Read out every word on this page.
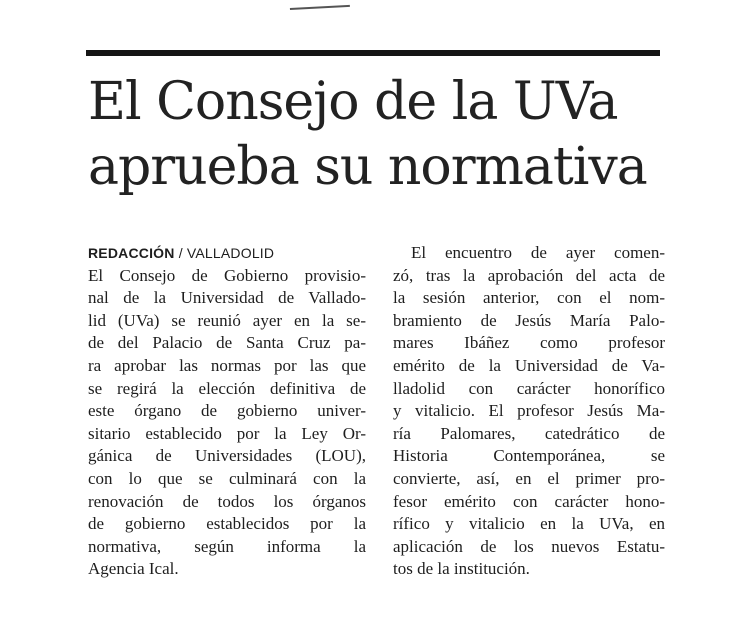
El Consejo de la UVa
aprueba su normativa
REDACCIÓN / VALLADOLID
El Consejo de Gobierno provisio-
nal de la Universidad de Vallado-
lid (UVa) se reunió ayer en la se-
de del Palacio de Santa Cruz pa-
ra aprobar las normas por las que
se regirá la elección definitiva de
este órgano de gobierno univer-
sitario establecido por la Ley Or-
gánica de Universidades (LOU),
con lo que se culminará con la
renovación de todos los órganos
de gobierno establecidos por la
normativa, según informa la
Agencia Ical.
El encuentro de ayer comen-
zó, tras la aprobación del acta de
la sesión anterior, con el nom-
bramiento de Jesús María Palo-
mares Ibáñez como profesor
emérito de la Universidad de Va-
lladolid con carácter honorífico
y vitalicio. El profesor Jesús Ma-
ría Palomares, catedrático de
Historia Contemporánea, se
convierte, así, en el primer pro-
fesor emérito con carácter hono-
rífico y vitalicio en la UVa, en
aplicación de los nuevos Estatu-
tos de la institución.
